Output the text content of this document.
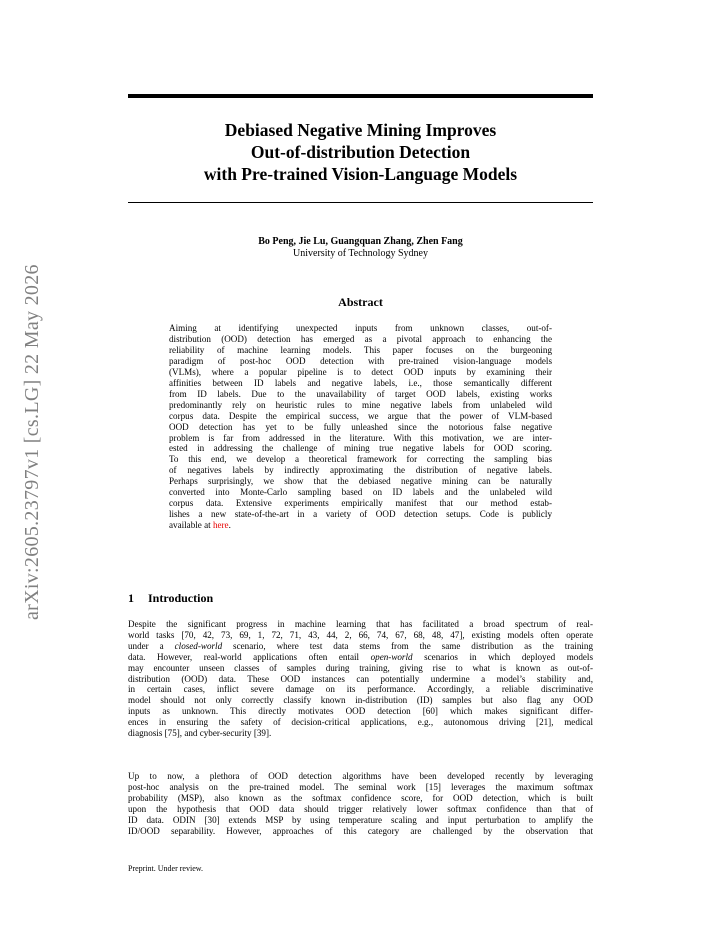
arXiv:2605.23797v1 [cs.LG] 22 May 2026
Debiased Negative Mining Improves
Out-of-distribution Detection
with Pre-trained Vision-Language Models
Bo Peng, Jie Lu, Guangquan Zhang, Zhen Fang
University of Technology Sydney
Abstract
Aiming at identifying unexpected inputs from unknown classes, out-of-
distribution (OOD) detection has emerged as a pivotal approach to enhancing the
reliability of machine learning models. This paper focuses on the burgeoning
paradigm of post-hoc OOD detection with pre-trained vision-language models
(VLMs), where a popular pipeline is to detect OOD inputs by examining their
affinities between ID labels and negative labels, i.e., those semantically different
from ID labels. Due to the unavailability of target OOD labels, existing works
predominantly rely on heuristic rules to mine negative labels from unlabeled wild
corpus data. Despite the empirical success, we argue that the power of VLM-based
OOD detection has yet to be fully unleashed since the notorious false negative
problem is far from addressed in the literature. With this motivation, we are inter-
ested in addressing the challenge of mining true negative labels for OOD scoring.
To this end, we develop a theoretical framework for correcting the sampling bias
of negatives labels by indirectly approximating the distribution of negative labels.
Perhaps surprisingly, we show that the debiased negative mining can be naturally
converted into Monte-Carlo sampling based on ID labels and the unlabeled wild
corpus data. Extensive experiments empirically manifest that our method estab-
lishes a new state-of-the-art in a variety of OOD detection setups. Code is publicly
available at here.
1 Introduction
Despite the significant progress in machine learning that has facilitated a broad spectrum of real-
world tasks [70, 42, 73, 69, 1, 72, 71, 43, 44, 2, 66, 74, 67, 68, 48, 47], existing models often operate
under a closed-world scenario, where test data stems from the same distribution as the training
data. However, real-world applications often entail open-world scenarios in which deployed models
may encounter unseen classes of samples during training, giving rise to what is known as out-of-
distribution (OOD) data. These OOD instances can potentially undermine a model’s stability and,
in certain cases, inflict severe damage on its performance. Accordingly, a reliable discriminative
model should not only correctly classify known in-distribution (ID) samples but also flag any OOD
inputs as unknown. This directly motivates OOD detection [60] which makes significant differ-
ences in ensuring the safety of decision-critical applications, e.g., autonomous driving [21], medical
diagnosis [75], and cyber-security [39].
Up to now, a plethora of OOD detection algorithms have been developed recently by leveraging
post-hoc analysis on the pre-trained model. The seminal work [15] leverages the maximum softmax
probability (MSP), also known as the softmax confidence score, for OOD detection, which is built
upon the hypothesis that OOD data should trigger relatively lower softmax confidence than that of
ID data. ODIN [30] extends MSP by using temperature scaling and input perturbation to amplify the
ID/OOD separability. However, approaches of this category are challenged by the observation that
Preprint. Under review.
